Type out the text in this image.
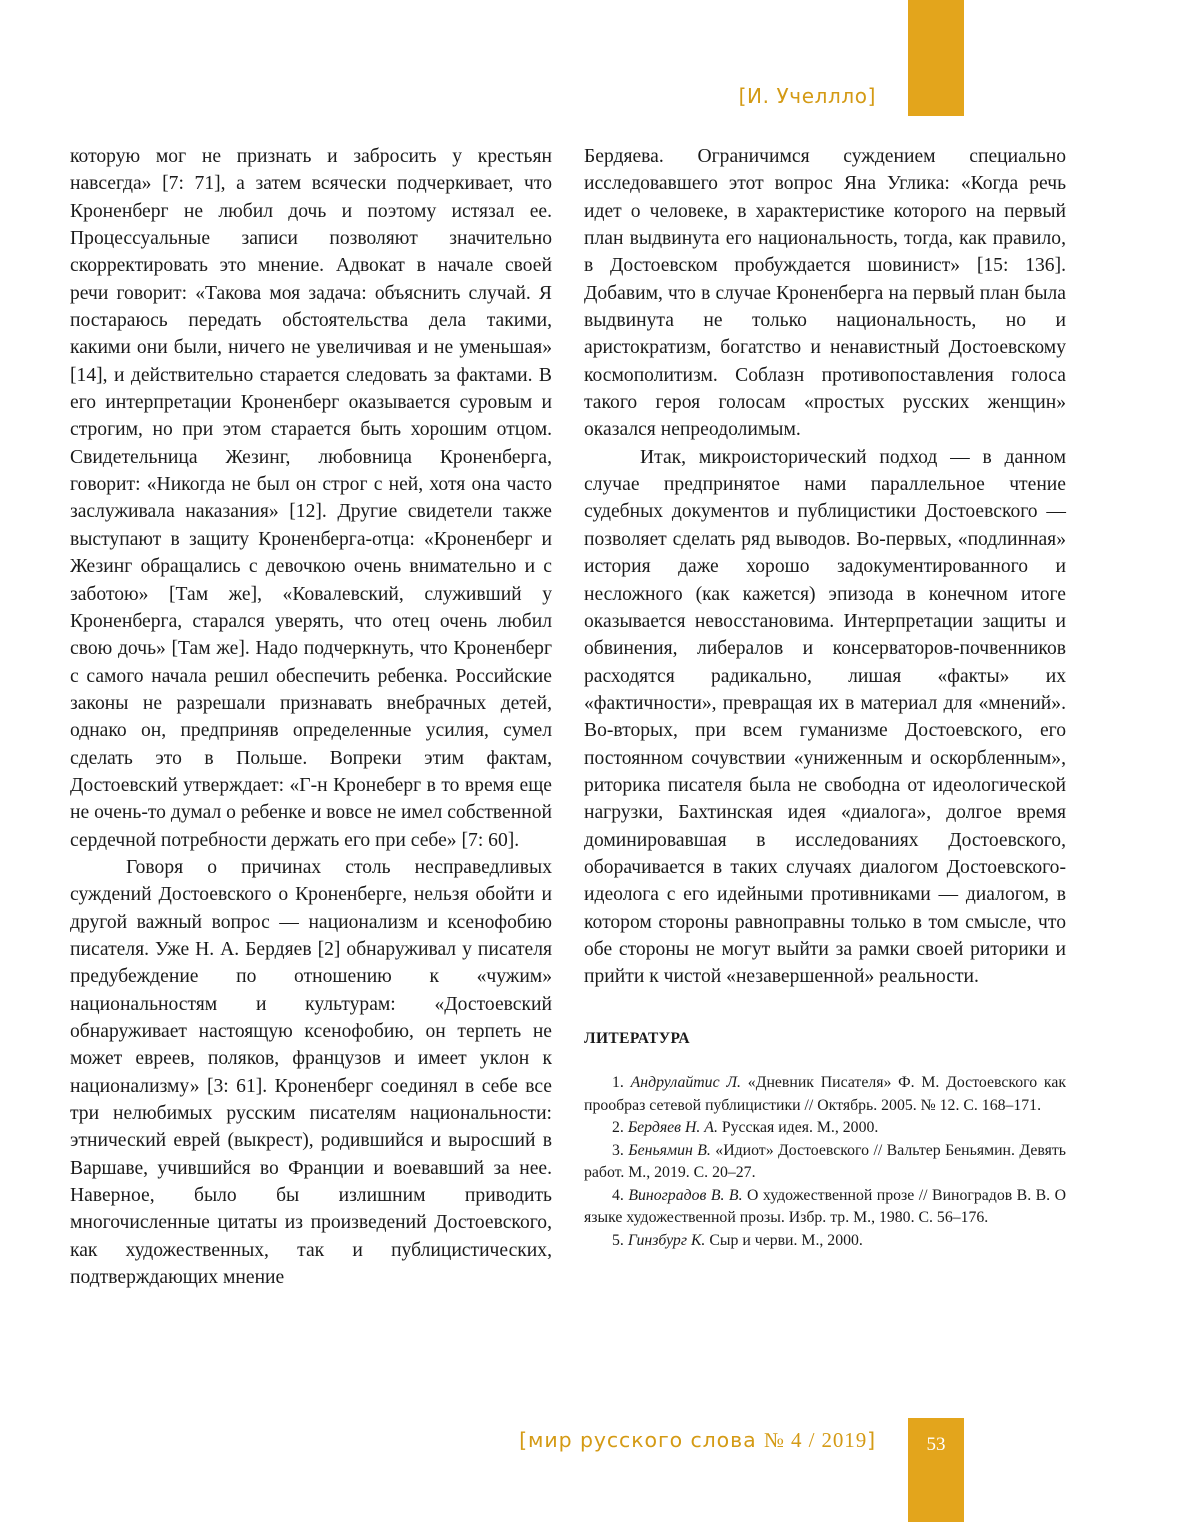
[И. Учеллло]

которую мог не признать и забросить у крестьян навсегда» [7: 71], а затем всячески подчеркивает, что Кроненберг не любил дочь и поэтому истязал ее. Процессуальные записи позволяют значительно скорректировать это мнение. Адвокат в начале своей речи говорит: «Такова моя задача: объяснить случай. Я постараюсь передать обстоятельства дела такими, какими они были, ничего не увеличивая и не уменьшая» [14], и действительно старается следовать за фактами. В его интерпретации Кроненберг оказывается суровым и строгим, но при этом старается быть хорошим отцом. Свидетельница Жезинг, любовница Кроненберга, говорит: «Никогда не был он строг с ней, хотя она часто заслуживала наказания» [12]. Другие свидетели также выступают в защиту Кроненберга-отца: «Кроненберг и Жезинг обращались с девочкою очень внимательно и с заботою» [Там же], «Ковалевский, служивший у Кроненберга, старался уверять, что отец очень любил свою дочь» [Там же]. Надо подчеркнуть, что Кроненберг с самого начала решил обеспечить ребенка. Российские законы не разрешали признавать внебрачных детей, однако он, предприняв определенные усилия, сумел сделать это в Польше. Вопреки этим фактам, Достоевский утверждает: «Г-н Кронеберг в то время еще не очень-то думал о ребенке и вовсе не имел собственной сердечной потребности держать его при себе» [7: 60].

Говоря о причинах столь несправедливых суждений Достоевского о Кроненберге, нельзя обойти и другой важный вопрос — национализм и ксенофобию писателя. Уже Н. А. Бердяев [2] обнаруживал у писателя предубеждение по отношению к «чужим» национальностям и культурам: «Достоевский обнаруживает настоящую ксенофобию, он терпеть не может евреев, поляков, французов и имеет уклон к национализму» [3: 61]. Кроненберг соединял в себе все три нелюбимых русским писателям национальности: этнический еврей (выкрест), родившийся и выросший в Варшаве, учившийся во Франции и воевавший за нее. Наверное, было бы излишним приводить многочисленные цитаты из произведений Достоевского, как художественных, так и публицистических, подтверждающих мнение

Бердяева. Ограничимся суждением специально исследовавшего этот вопрос Яна Углика: «Когда речь идет о человеке, в характеристике которого на первый план выдвинута его национальность, тогда, как правило, в Достоевском пробуждается шовинист» [15: 136]. Добавим, что в случае Кроненберга на первый план была выдвинута не только национальность, но и аристократизм, богатство и ненавистный Достоевскому космополитизм. Соблазн противопоставления голоса такого героя голосам «простых русских женщин» оказался непреодолимым.

Итак, микроисторический подход — в данном случае предпринятое нами параллельное чтение судебных документов и публицистики Достоевского — позволяет сделать ряд выводов. Во-первых, «подлинная» история даже хорошо задокументированного и несложного (как кажется) эпизода в конечном итоге оказывается невосстановима. Интерпретации защиты и обвинения, либералов и консерваторов-почвенников расходятся радикально, лишая «факты» их «фактичности», превращая их в материал для «мнений». Во-вторых, при всем гуманизме Достоевского, его постоянном сочувствии «униженным и оскорбленным», риторика писателя была не свободна от идеологической нагрузки, Бахтинская идея «диалога», долгое время доминировавшая в исследованиях Достоевского, оборачивается в таких случаях диалогом Достоевского-идеолога с его идейными противниками — диалогом, в котором стороны равноправны только в том смысле, что обе стороны не могут выйти за рамки своей риторики и прийти к чистой «незавершенной» реальности.

ЛИТЕРАТУРА

1. Андрулайтис Л. «Дневник Писателя» Ф. М. Достоевского как прообраз сетевой публицистики // Октябрь. 2005. № 12. С. 168–171.

2. Бердяев Н. А. Русская идея. М., 2000.

3. Беньямин В. «Идиот» Достоевского // Вальтер Беньямин. Девять работ. М., 2019. С. 20–27.

4. Виноградов В. В. О художественной прозе // Виноградов В. В. О языке художественной прозы. Избр. тр. М., 1980. С. 56–176.

5. Гинзбург К. Сыр и черви. М., 2000.

[мир русского слова № 4 / 2019]	53
